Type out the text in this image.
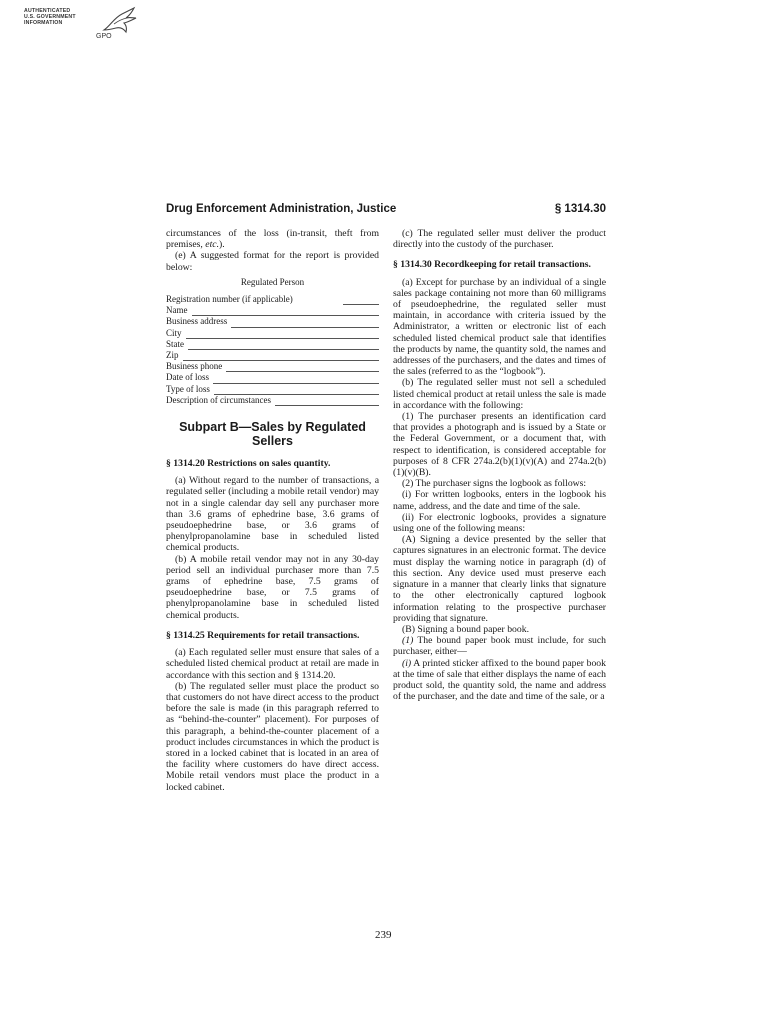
AUTHENTICATED
U.S. GOVERNMENT
INFORMATION
GPO
Drug Enforcement Administration, Justice	§ 1314.30

circumstances of the loss (in-transit, theft from premises, etc.).

(e) A suggested format for the report is provided below:

Regulated Person
Registration number (if applicable)
Name
Business address
City
State
Zip
Business phone
Date of loss
Type of loss
Description of circumstances
Subpart B—Sales by Regulated
Sellers

§ 1314.20 Restrictions on sales quantity.

(a) Without regard to the number of transactions, a regulated seller (including a mobile retail vendor) may not in a single calendar day sell any purchaser more than 3.6 grams of ephedrine base, 3.6 grams of pseudoephedrine base, or 3.6 grams of phenylpropanolamine base in scheduled listed chemical products.

(b) A mobile retail vendor may not in any 30-day period sell an individual purchaser more than 7.5 grams of ephedrine base, 7.5 grams of pseudoephedrine base, or 7.5 grams of phenylpropanolamine base in scheduled listed chemical products.

§ 1314.25 Requirements for retail transactions.

(a) Each regulated seller must ensure that sales of a scheduled listed chemical product at retail are made in accordance with this section and § 1314.20.

(b) The regulated seller must place the product so that customers do not have direct access to the product before the sale is made (in this paragraph referred to as “behind-the-counter” placement). For purposes of this paragraph, a behind-the-counter placement of a product includes circumstances in which the product is stored in a locked cabinet that is located in an area of the facility where customers do have direct access. Mobile retail vendors must place the product in a locked cabinet.

(c) The regulated seller must deliver the product directly into the custody of the purchaser.

§ 1314.30 Recordkeeping for retail transactions.

(a) Except for purchase by an individual of a single sales package containing not more than 60 milligrams of pseudoephedrine, the regulated seller must maintain, in accordance with criteria issued by the Administrator, a written or electronic list of each scheduled listed chemical product sale that identifies the products by name, the quantity sold, the names and addresses of the purchasers, and the dates and times of the sales (referred to as the “logbook”).

(b) The regulated seller must not sell a scheduled listed chemical product at retail unless the sale is made in accordance with the following:

(1) The purchaser presents an identification card that provides a photograph and is issued by a State or the Federal Government, or a document that, with respect to identification, is considered acceptable for purposes of 8 CFR 274a.2(b)(1)(v)(A) and 274a.2(b)(1)(v)(B).

(2) The purchaser signs the logbook as follows:

(i) For written logbooks, enters in the logbook his name, address, and the date and time of the sale.

(ii) For electronic logbooks, provides a signature using one of the following means:

(A) Signing a device presented by the seller that captures signatures in an electronic format. The device must display the warning notice in paragraph (d) of this section. Any device used must preserve each signature in a manner that clearly links that signature to the other electronically captured logbook information relating to the prospective purchaser providing that signature.

(B) Signing a bound paper book.

(1) The bound paper book must include, for such purchaser, either—

(i) A printed sticker affixed to the bound paper book at the time of sale that either displays the name of each product sold, the quantity sold, the name and address of the purchaser, and the date and time of the sale, or a

239
